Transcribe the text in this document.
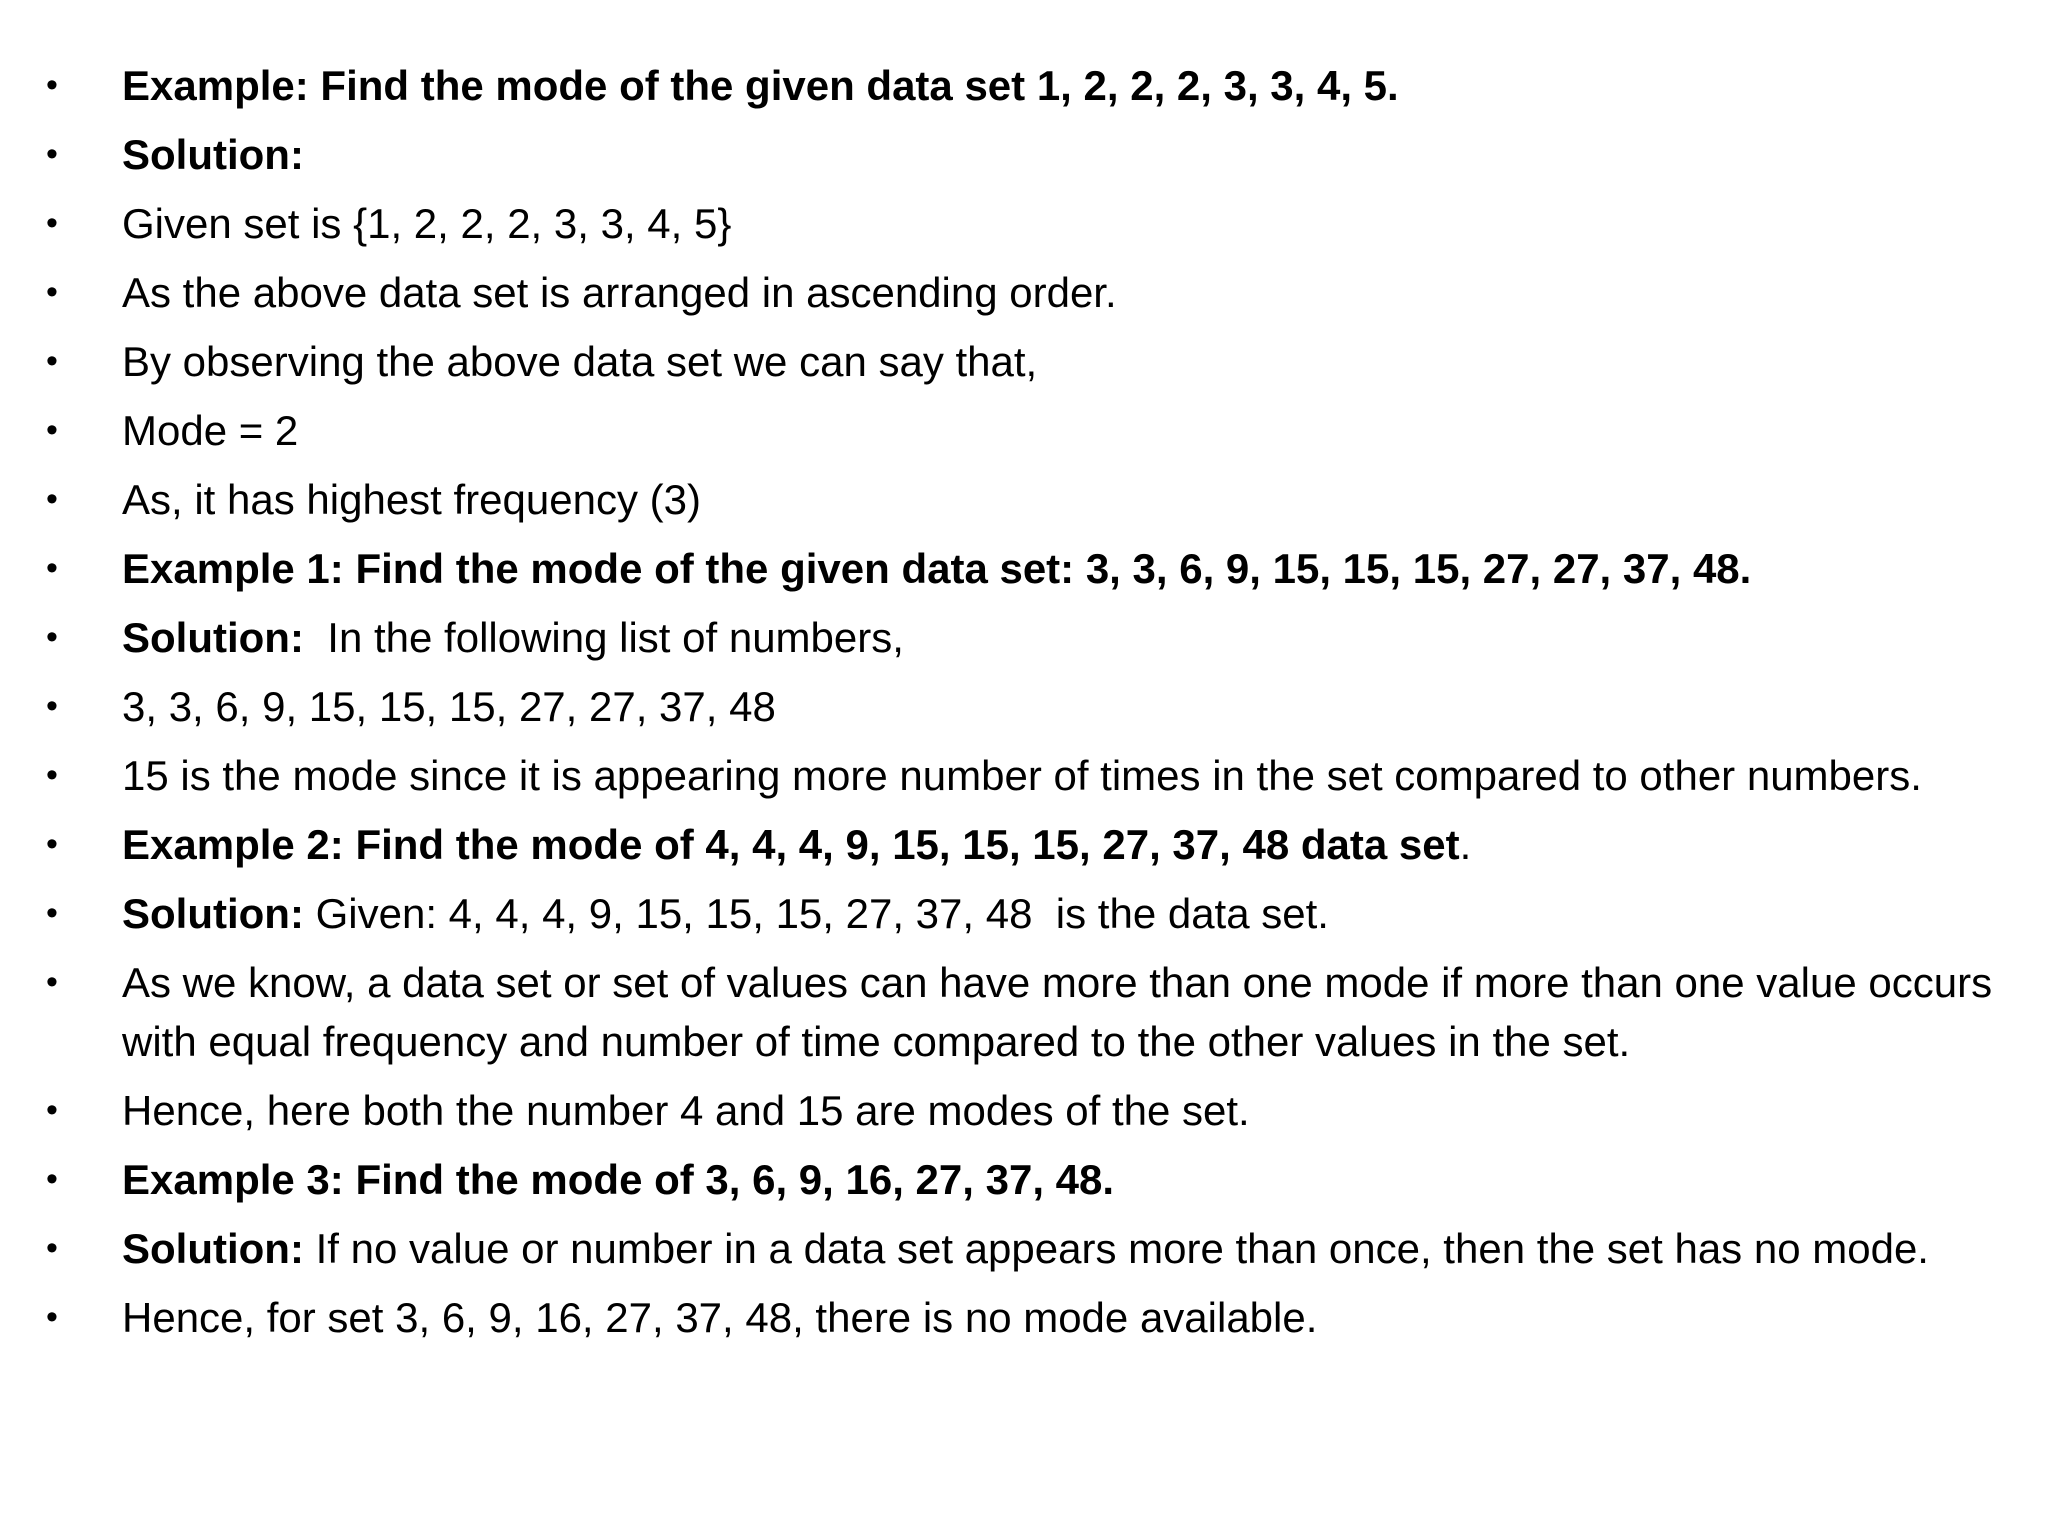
•	Example: Find the mode of the given data set 1, 2, 2, 2, 3, 3, 4, 5.
•	Solution:
•	Given set is {1, 2, 2, 2, 3, 3, 4, 5}
•	As the above data set is arranged in ascending order.
•	By observing the above data set we can say that,
•	Mode = 2
•	As, it has highest frequency (3)
•	Example 1: Find the mode of the given data set: 3, 3, 6, 9, 15, 15, 15, 27, 27, 37, 48.
•	Solution:  In the following list of numbers,
•	3, 3, 6, 9, 15, 15, 15, 27, 27, 37, 48
•	15 is the mode since it is appearing more number of times in the set compared to other numbers.
•	Example 2: Find the mode of 4, 4, 4, 9, 15, 15, 15, 27, 37, 48 data set.
•	Solution: Given: 4, 4, 4, 9, 15, 15, 15, 27, 37, 48  is the data set.
•	As we know, a data set or set of values can have more than one mode if more than one value occurs with equal frequency and number of time compared to the other values in the set.
•	Hence, here both the number 4 and 15 are modes of the set.
•	Example 3: Find the mode of 3, 6, 9, 16, 27, 37, 48.
•	Solution: If no value or number in a data set appears more than once, then the set has no mode.
•	Hence, for set 3, 6, 9, 16, 27, 37, 48, there is no mode available.
